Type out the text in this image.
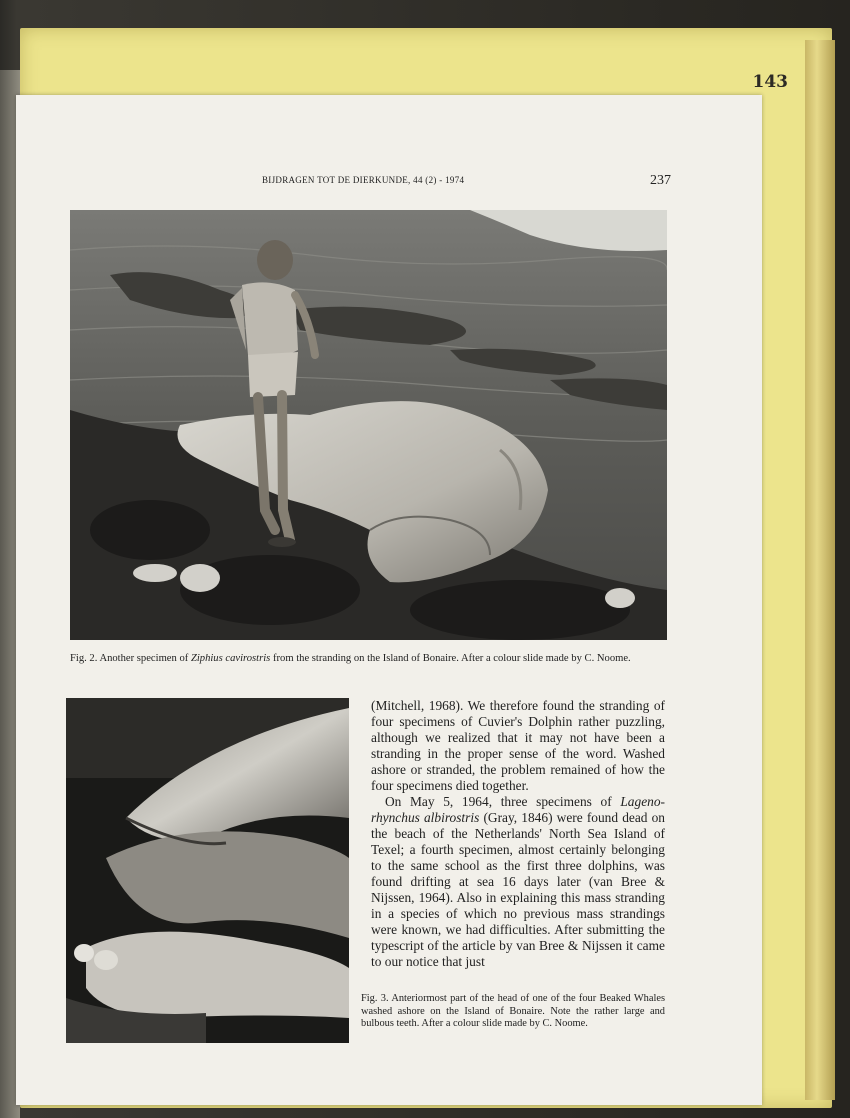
143
BIJDRAGEN TOT DE DIERKUNDE, 44 (2) - 1974	237
Fig. 2. Another specimen of Ziphius cavirostris from the stranding on the Island of Bonaire. After a colour slide made by C. Noome.

(Mitchell, 1968). We therefore found the stranding of four specimens of Cuvier's Dolphin rather puzzling, although we realized that it may not have been a stranding in the proper sense of the word. Washed ashore or stranded, the problem remained of how the four specimens died together.

On May 5, 1964, three specimens of Lageno-rhynchus albirostris (Gray, 1846) were found dead on the beach of the Netherlands' North Sea Island of Texel; a fourth specimen, almost certainly belonging to the same school as the first three dolphins, was found drifting at sea 16 days later (van Bree & Nijssen, 1964). Also in explaining this mass stranding in a species of which no previous mass strandings were known, we had difficulties. After submitting the typescript of the article by van Bree & Nijssen it came to our notice that just

Fig. 3. Anteriormost part of the head of one of the four Beaked Whales washed ashore on the Island of Bonaire. Note the rather large and bulbous teeth. After a colour slide made by C. Noome.
